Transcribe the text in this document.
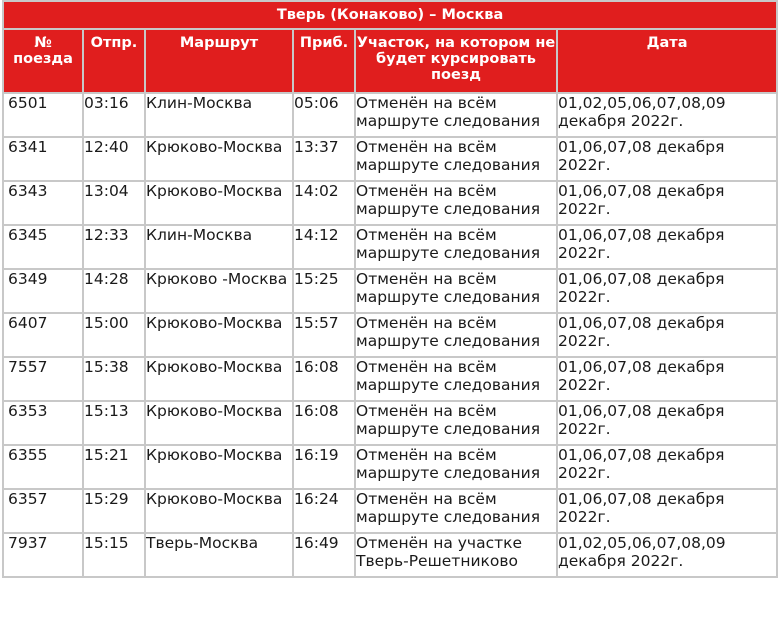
Тверь (Конаково) – Москва					
№ поезда	Отпр.	Маршрут	Приб.	Участок, на котором не будет курсировать поезд	Дата
6501	03:16	Клин-Москва	05:06	Отменён на всём маршруте следования	01,02,05,06,07,08,09 декабря 2022г.
6341	12:40	Крюково-Москва	13:37	Отменён на всём маршруте следования	01,06,07,08 декабря 2022г.
6343	13:04	Крюково-Москва	14:02	Отменён на всём маршруте следования	01,06,07,08 декабря 2022г.
6345	12:33	Клин-Москва	14:12	Отменён на всём маршруте следования	01,06,07,08 декабря 2022г.
6349	14:28	Крюково -Москва	15:25	Отменён на всём маршруте следования	01,06,07,08 декабря 2022г.
6407	15:00	Крюково-Москва	15:57	Отменён на всём маршруте следования	01,06,07,08 декабря 2022г.
7557	15:38	Крюково-Москва	16:08	Отменён на всём маршруте следования	01,06,07,08 декабря 2022г.
6353	15:13	Крюково-Москва	16:08	Отменён на всём маршруте следования	01,06,07,08 декабря 2022г.
6355	15:21	Крюково-Москва	16:19	Отменён на всём маршруте следования	01,06,07,08 декабря 2022г.
6357	15:29	Крюково-Москва	16:24	Отменён на всём маршруте следования	01,06,07,08 декабря 2022г.
7937	15:15	Тверь-Москва	16:49	Отменён на участке Тверь-Решетниково	01,02,05,06,07,08,09 декабря 2022г.
